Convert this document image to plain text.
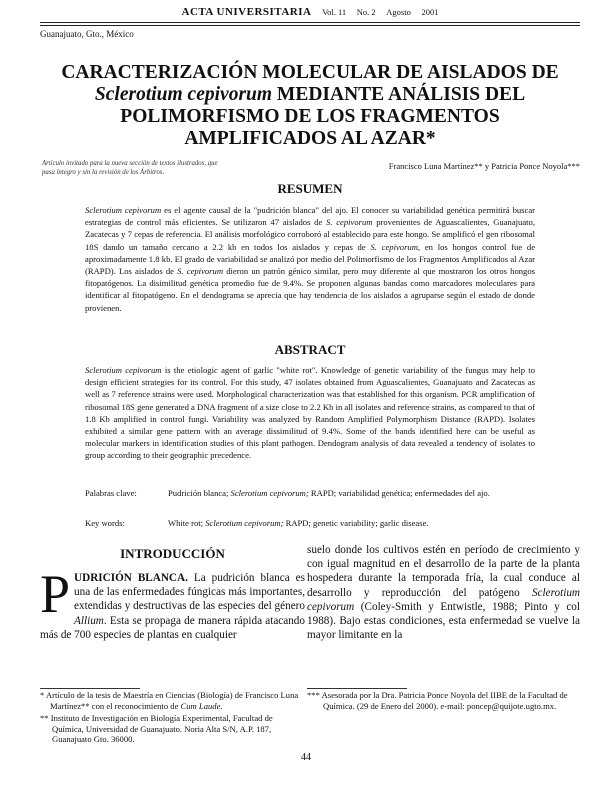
ACTA UNIVERSITARIA Vol. 11 No. 2 Agosto 2001
Guanajuato, Gto., México
CARACTERIZACIÓN MOLECULAR DE AISLADOS DE
Sclerotium cepivorum MEDIANTE ANÁLISIS DEL
POLIMORFISMO DE LOS FRAGMENTOS
AMPLIFICADOS AL AZAR*
Artículo invitado para la nueva sección de textos ilustrados, que pasa íntegro y sin la revisión de los Árbitros.
Francisco Luna Martínez** y Patricia Ponce Noyola***
RESUMEN
Sclerotium cepivorum es el agente causal de la "pudrición blanca" del ajo. El conocer su variabilidad genética permitirá buscar estrategias de control más eficientes. Se utilizaron 47 aislados de S. cepivorum provenientes de Aguascalientes, Guanajuato, Zacatecas y 7 cepas de referencia. El análisis morfológico corroboró al establecido para este hongo. Se amplificó el gen ribosomal 18S dando un tamaño cercano a 2.2 kb en todos los aislados y cepas de S. cepivorum, en los hongos control fue de aproximadamente 1.8 kb. El grado de variabilidad se analizó por medio del Polimorfismo de los Fragmentos Amplificados al Azar (RAPD). Los aislados de S. cepivorum dieron un patrón génico similar, pero muy diferente al que mostraron los otros hongos fitopatógenos. La disimilitud genética promedio fue de 9.4%. Se proponen algunas bandas como marcadores moleculares para identificar al fitopatógeno. En el dendograma se aprecia que hay tendencia de los aislados a agruparse según el estado de donde provienen.
ABSTRACT
Sclerotium cepivorum is the etiologic agent of garlic "white rot". Knowledge of genetic variability of the fungus may help to design efficient strategies for its control. For this study, 47 isolates obtained from Aguascalientes, Guanajuato and Zacatecas as well as 7 reference strains were used. Morphological characterization was that established for this organism. PCR amplification of ribosomal 18S gene generated a DNA fragment of a size close to 2.2 Kb in all isolates and reference strains, as compared to that of 1.8 Kb amplified in control fungi. Variability was analyzed by Random Amplified Polymorphism Distance (RAPD). Isolates exhibited a similar gene pattern with an average dissimilitud of 9.4%. Some of the bands identified here can be useful as molecular markers in identification studies of this plant pathogen. Dendogram analysis of data revealed a tendency of isolates to group according to their geographic precedence.
Palabras clave:	Pudrición blanca; Sclerotium cepivorum; RAPD; variabilidad genética; enfermedades del ajo.
Key words:	White rot; Sclerotium cepivorum; RAPD; genetic variability; garlic disease.
INTRODUCCIÓN
PUDRICIÓN BLANCA. La pudrición blanca es una de las enfermedades fúngicas más importantes, extendidas y destructivas de las especies del género Allium. Esta se propaga de manera rápida atacando más de 700 especies de plantas en cualquier
suelo donde los cultivos estén en período de crecimiento y con igual magnitud en el desarrollo de la parte de la planta hospedera durante la temporada fría, la cual conduce al desarrollo y reproducción del patógeno Sclerotium cepivorum (Coley-Smith y Entwistle, 1988; Pinto y col 1988). Bajo estas condiciones, esta enfermedad se vuelve la mayor limitante en la
* Artículo de la tesis de Maestría en Ciencias (Biología) de Francisco Luna Martínez** con el reconocimiento de Cum Laude.
** Instituto de Investigación en Biología Experimental, Facultad de Química, Universidad de Guanajuato. Noria Alta S/N, A.P. 187, Guanajuato Gto. 36000.
*** Asesorada por la Dra. Patricia Ponce Noyola del IIBE de la Facultad de Química. (29 de Enero del 2000). e-mail: poncep@quijote.ugto.mx.
44
